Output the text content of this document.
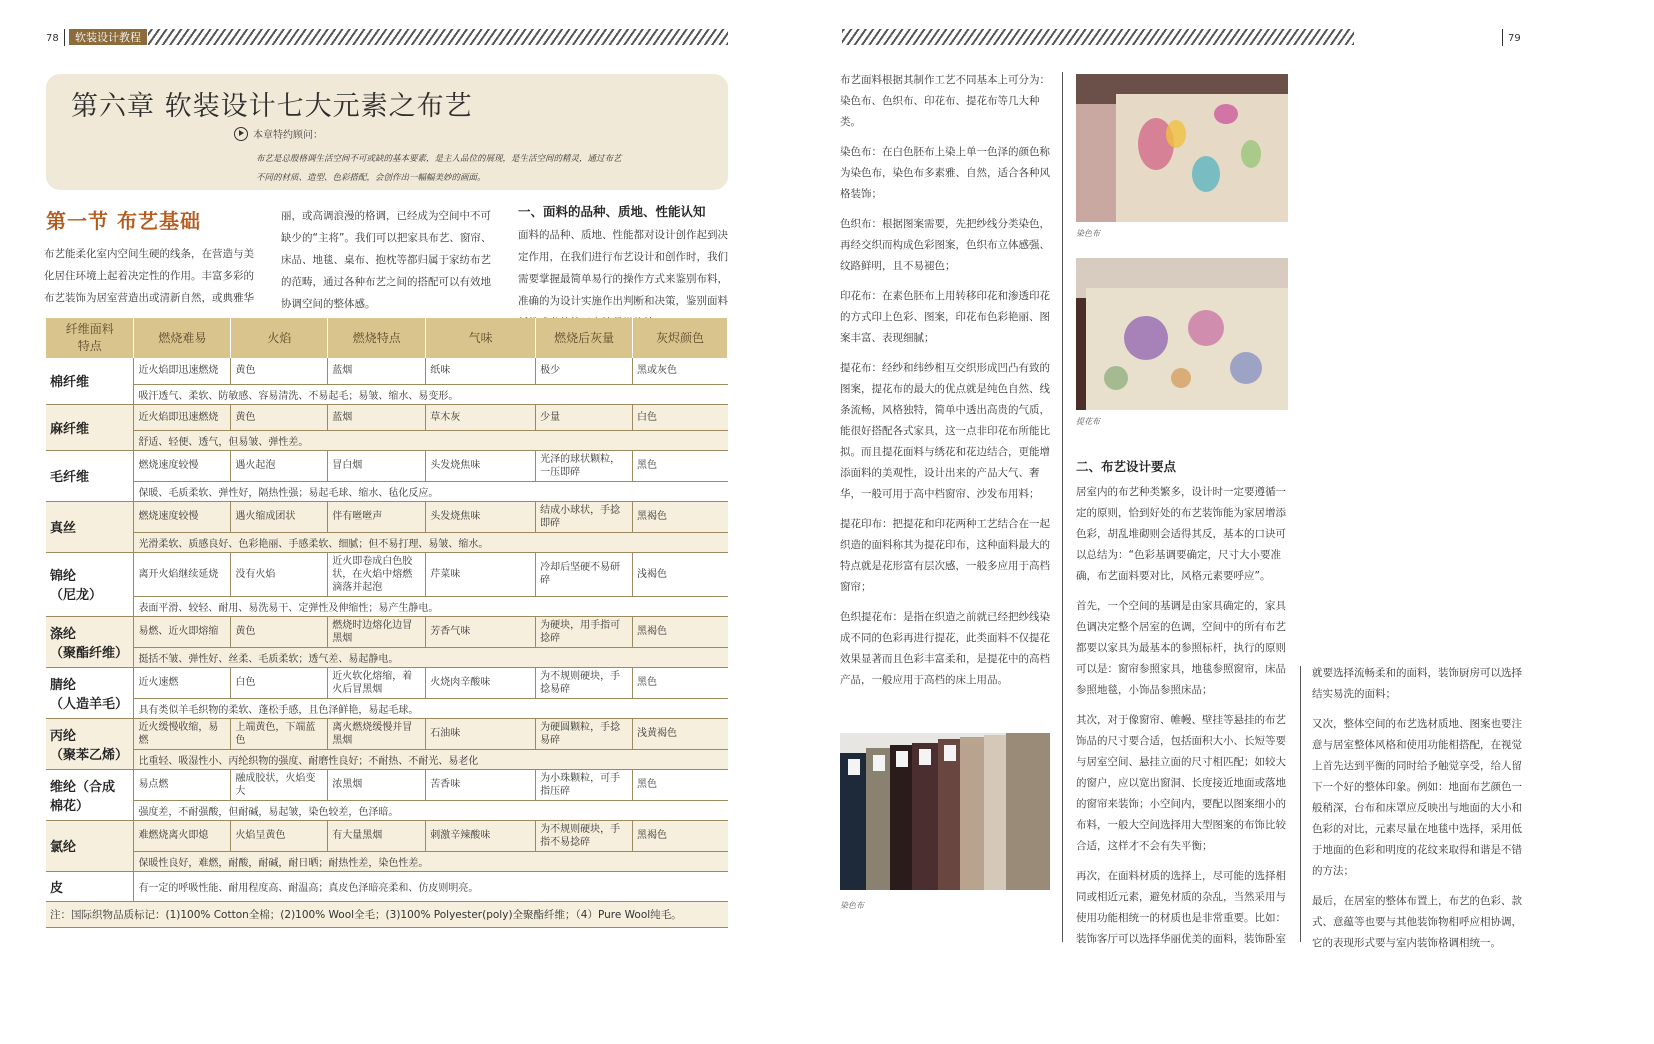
78	软装设计教程
第六章 软装设计七大元素之布艺
本章特约顾问：
布艺是总殷格调生活空间不可或缺的基本要素，是主人品位的展现，是生活空间的精灵，通过布艺
不同的材质、造型、色彩搭配，会创作出一幅幅美妙的画面。
第一节 布艺基础
布艺能柔化室内空间生硬的线条，在营造与美
化居住环境上起着决定性的作用。丰富多彩的
布艺装饰为居室营造出或清新自然，或典雅华
丽，或高调浪漫的格调，已经成为空间中不可
缺少的“主将”。我们可以把家具布艺、窗帘、
床品、地毯、桌布、抱枕等都归属于家纺布艺
的范畴，通过各种布艺之间的搭配可以有效地
协调空间的整体感。
一、面料的品种、质地、性能认知
面料的品种、质地、性能都对设计创作起到决
定作用，在我们进行布艺设计和创作时，我们
需要掌握最简单易行的操作方式来鉴别布料，
准确的为设计实施作出判断和决策，鉴别面料
纤维面料
特点	燃烧难易	火焰	燃烧特点	气味	燃烧后灰量	灰烬颜色
棉纤维	近火焰即迅速燃烧	黄色	蓝烟	纸味	极少	黑或灰色
	吸汗透气、柔软、防敏感、容易清洗、不易起毛；易皱、缩水、易变形。					
麻纤维	近火焰即迅速燃烧	黄色	蓝烟	草木灰	少量	白色
	舒适、轻便、透气，但易皱、弹性差。					
毛纤维	燃烧速度较慢	遇火起泡	冒白烟	头发烧焦味	光泽的球状颗粒，一压即碎	黑色
	保暖、毛质柔软、弹性好，隔热性强；易起毛球、缩水、毡化反应。					
真丝	燃烧速度较慢	遇火缩成团状	伴有咝咝声	头发烧焦味	结成小球状，手捻即碎	黑褐色
	光滑柔软、质感良好、色彩艳丽、手感柔软、细腻；但不易打理、易皱、缩水。					
锦纶
（尼龙）	离开火焰继续延烧	没有火焰	近火即卷成白色胶状，在火焰中熔燃滴落并起泡	芹菜味	冷却后坚硬不易研碎	浅褐色
	表面平滑、较轻、耐用、易洗易干、定弹性及伸缩性；易产生静电。					
涤纶
（聚酯纤维）	易燃、近火即熔缩	黄色	燃烧时边熔化边冒黑烟	芳香气味	为硬块，用手指可捻碎	黑褐色
	挺括不皱、弹性好、丝柔、毛质柔软；透气差、易起静电。					
腈纶
（人造羊毛）	近火速燃	白色	近火软化熔缩，着火后冒黑烟	火烧肉辛酸味	为不规则硬块，手捻易碎	黑色
	具有类似羊毛织物的柔软、蓬松手感，且色泽鲜艳，易起毛球。					
丙纶
（聚苯乙烯）	近火缓慢收缩，易燃	上端黄色，下端蓝色	离火燃烧缓慢并冒黑烟	石油味	为硬圆颗粒，手捻易碎	浅黄褐色
	比重轻、吸湿性小、丙纶织物的强度、耐磨性良好；不耐热、不耐光、易老化					
维纶（合成
棉花）	易点燃	融成胶状，火焰变大	浓黑烟	苦香味	为小珠颗粒，可手指压碎	黑色
	强度差，不耐强酸，但耐碱，易起皱，染色较差，色泽暗。					
氯纶	难燃烧离火即熄	火焰呈黄色	有大量黑烟	刺激辛辣酸味	为不规则硬块，手指不易捻碎	黑褐色
	保暖性良好，难燃，耐酸，耐碱，耐日晒；耐热性差，染色性差。					
皮	有一定的呼吸性能、耐用程度高、耐温高；真皮色泽暗亮柔和、仿皮则明亮。					
注：国际织物品质标记：(1)100% Cotton全棉；(2)100% Wool全毛；(3)100% Polyester(poly)全聚酯纤维；（4）Pure Wool纯毛。
79

布艺面料根据其制作工艺不同基本上可分为：染色布、色织布、印花布、提花布等几大种类。

染色布：在白色胚布上染上单一色泽的颜色称为染色布，染色布多素雅、自然，适合各种风格装饰；

色织布：根据图案需要，先把纱线分类染色，再经交织而构成色彩图案，色织布立体感强、纹路鲜明，且不易褪色；

印花布：在素色胚布上用转移印花和渗透印花的方式印上色彩、图案，印花布色彩艳丽、图案丰富、表现细腻；

提花布：经纱和纬纱相互交织形成凹凸有致的图案，提花布的最大的优点就是纯色自然、线条流畅，风格独特，简单中透出高贵的气质，能很好搭配各式家具，这一点非印花布所能比拟。而且提花面料与绣花和花边结合，更能增添面料的美观性，设计出来的产品大气、奢华，一般可用于高中档窗帘、沙发布用料；

提花印布：把提花和印花两种工艺结合在一起织造的面料称其为提花印布，这种面料最大的特点就是花形富有层次感，一般多应用于高档窗帘；

色织提花布：是指在织造之前就已经把纱线染成不同的色彩再进行提花，此类面料不仅提花效果显著而且色彩丰富柔和，是提花中的高档产品，一般应用于高档的床上用品。

染色布
染色布
提花布
二、布艺设计要点

居室内的布艺种类繁多，设计时一定要遵循一定的原则，恰到好处的布艺装饰能为家居增添色彩，胡乱堆砌则会适得其反，基本的口诀可以总结为：“色彩基调要确定，尺寸大小要准确，布艺面料要对比，风格元素要呼应”。

首先，一个空间的基调是由家具确定的，家具色调决定整个居室的色调，空间中的所有布艺都要以家具为最基本的参照标杆，执行的原则可以是：窗帘参照家具，地毯参照窗帘，床品参照地毯，小饰品参照床品；

其次，对于像窗帘、帷幔、壁挂等悬挂的布艺饰品的尺寸要合适，包括面积大小、长短等要与居室空间、悬挂立面的尺寸相匹配；如较大的窗户，应以宽出窗洞、长度接近地面或落地的窗帘来装饰；小空间内，要配以图案细小的布料，一般大空间选择用大型图案的布饰比较合适，这样才不会有失平衡；

再次，在面料材质的选择上，尽可能的选择相同或相近元素，避免材质的杂乱，当然采用与使用功能相统一的材质也是非常重要。比如：装饰客厅可以选择华丽优美的面料，装饰卧室

就要选择流畅柔和的面料，装饰厨房可以选择结实易洗的面料；

又次，整体空间的布艺选材质地、图案也要注意与居室整体风格和使用功能相搭配，在视觉上首先达到平衡的同时给予触觉享受，给人留下一个好的整体印象。例如：地面布艺颜色一般稍深，台布和床罩应反映出与地面的大小和色彩的对比，元素尽量在地毯中选择，采用低于地面的色彩和明度的花纹来取得和谐是不错的方法；

最后，在居室的整体布置上，布艺的色彩、款式、意蕴等也要与其他装饰物相呼应相协调，它的表现形式要与室内装饰格调相统一。
